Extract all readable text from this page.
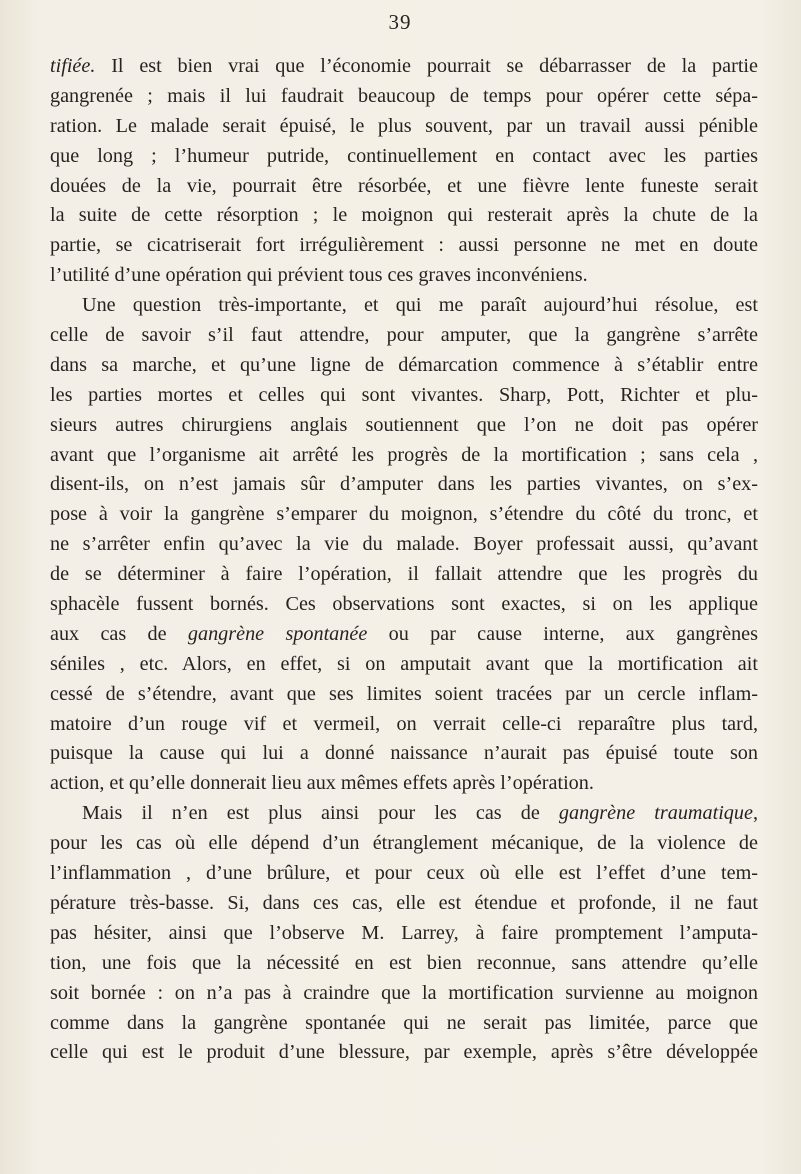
39
tifiée. Il est bien vrai que l’économie pourrait se débarrasser de la partie
gangrenée ; mais il lui faudrait beaucoup de temps pour opérer cette sépa-
ration. Le malade serait épuisé, le plus souvent, par un travail aussi pénible
que long ; l’humeur putride, continuellement en contact avec les parties
douées de la vie, pourrait être résorbée, et une fièvre lente funeste serait
la suite de cette résorption ; le moignon qui resterait après la chute de la
partie, se cicatriserait fort irrégulièrement : aussi personne ne met en doute
l’utilité d’une opération qui prévient tous ces graves inconvéniens.
Une question très-importante, et qui me paraît aujourd’hui résolue, est
celle de savoir s’il faut attendre, pour amputer, que la gangrène s’arrête
dans sa marche, et qu’une ligne de démarcation commence à s’établir entre
les parties mortes et celles qui sont vivantes. Sharp, Pott, Richter et plu-
sieurs autres chirurgiens anglais soutiennent que l’on ne doit pas opérer
avant que l’organisme ait arrêté les progrès de la mortification ; sans cela ,
disent-ils, on n’est jamais sûr d’amputer dans les parties vivantes, on s’ex-
pose à voir la gangrène s’emparer du moignon, s’étendre du côté du tronc, et
ne s’arrêter enfin qu’avec la vie du malade. Boyer professait aussi, qu’avant
de se déterminer à faire l’opération, il fallait attendre que les progrès du
sphacèle fussent bornés. Ces observations sont exactes, si on les applique
aux cas de gangrène spontanée ou par cause interne, aux gangrènes
séniles , etc. Alors, en effet, si on amputait avant que la mortification ait
cessé de s’étendre, avant que ses limites soient tracées par un cercle inflam-
matoire d’un rouge vif et vermeil, on verrait celle-ci reparaître plus tard,
puisque la cause qui lui a donné naissance n’aurait pas épuisé toute son
action, et qu’elle donnerait lieu aux mêmes effets après l’opération.
Mais il n’en est plus ainsi pour les cas de gangrène traumatique,
pour les cas où elle dépend d’un étranglement mécanique, de la violence de
l’inflammation , d’une brûlure, et pour ceux où elle est l’effet d’une tem-
pérature très-basse. Si, dans ces cas, elle est étendue et profonde, il ne faut
pas hésiter, ainsi que l’observe M. Larrey, à faire promptement l’amputa-
tion, une fois que la nécessité en est bien reconnue, sans attendre qu’elle
soit bornée : on n’a pas à craindre que la mortification survienne au moignon
comme dans la gangrène spontanée qui ne serait pas limitée, parce que
celle qui est le produit d’une blessure, par exemple, après s’être développée
